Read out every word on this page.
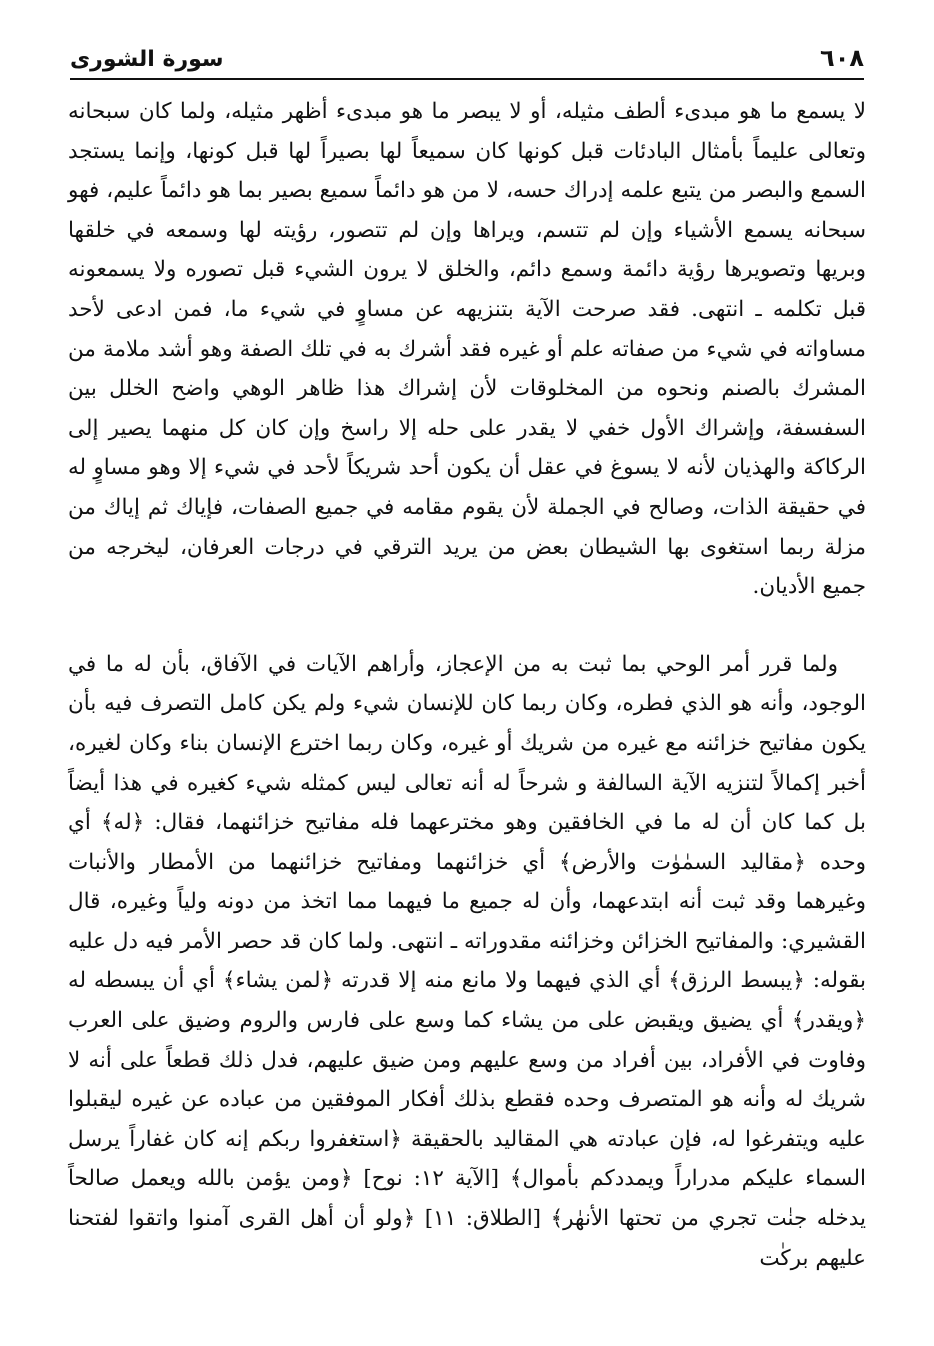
٦٠٨
سورة الشورى

لا يسمع ما هو مبدىء ألطف مثيله، أو لا يبصر ما هو مبدىء أظهر مثيله، ولما كان سبحانه وتعالى عليماً بأمثال البادئات قبل كونها كان سميعاً لها بصيراً لها قبل كونها، وإنما يستجد السمع والبصر من يتبع علمه إدراك حسه، لا من هو دائماً سميع بصير بما هو دائماً عليم، فهو سبحانه يسمع الأشياء وإن لم تتسم، ويراها وإن لم تتصور، رؤيته لها وسمعه في خلقها وبريها وتصويرها رؤية دائمة وسمع دائم، والخلق لا يرون الشيء قبل تصوره ولا يسمعونه قبل تكلمه ـ انتهى. فقد صرحت الآية بتنزيهه عن مساوٍ في شيء ما، فمن ادعى لأحد مساواته في شيء من صفاته علم أو غيره فقد أشرك به في تلك الصفة وهو أشد ملامة من المشرك بالصنم ونحوه من المخلوقات لأن إشراك هذا ظاهر الوهي واضح الخلل بين السفسفة، وإشراك الأول خفي لا يقدر على حله إلا راسخ وإن كان كل منهما يصير إلى الركاكة والهذيان لأنه لا يسوغ في عقل أن يكون أحد شريكاً لأحد في شيء إلا وهو مساوٍ له في حقيقة الذات، وصالح في الجملة لأن يقوم مقامه في جميع الصفات، فإياك ثم إياك من مزلة ربما استغوى بها الشيطان بعض من يريد الترقي في درجات العرفان، ليخرجه من جميع الأديان.

ولما قرر أمر الوحي بما ثبت به من الإعجاز، وأراهم الآيات في الآفاق، بأن له ما في الوجود، وأنه هو الذي فطره، وكان ربما كان للإنسان شيء ولم يكن كامل التصرف فيه بأن يكون مفاتيح خزائنه مع غيره من شريك أو غيره، وكان ربما اخترع الإنسان بناء وكان لغيره، أخبر إكمالاً لتنزيه الآية السالفة و شرحاً له أنه تعالى ليس كمثله شيء كغيره في هذا أيضاً بل كما كان أن له ما في الخافقين وهو مخترعهما فله مفاتيح خزائنهما، فقال: ﴿له﴾ أي وحده ﴿مقاليد السمٰوٰت والأرض﴾ أي خزائنهما ومفاتيح خزائنهما من الأمطار والأنبات وغيرهما وقد ثبت أنه ابتدعهما، وأن له جميع ما فيهما مما اتخذ من دونه ولياً وغيره، قال القشيري: والمفاتيح الخزائن وخزائنه مقدوراته ـ انتهى. ولما كان قد حصر الأمر فيه دل عليه بقوله: ﴿يبسط الرزق﴾ أي الذي فيهما ولا مانع منه إلا قدرته ﴿لمن يشاء﴾ أي أن يبسطه له ﴿ويقدر﴾ أي يضيق ويقبض على من يشاء كما وسع على فارس والروم وضيق على العرب وفاوت في الأفراد، بين أفراد من وسع عليهم ومن ضيق عليهم، فدل ذلك قطعاً على أنه لا شريك له وأنه هو المتصرف وحده فقطع بذلك أفكار الموفقين من عباده عن غيره ليقبلوا عليه ويتفرغوا له، فإن عبادته هي المقاليد بالحقيقة ﴿استغفروا ربكم إنه كان غفاراً يرسل السماء عليكم مدراراً ويمددكم بأموال﴾ [الآية ١٢: نوح] ﴿ومن يؤمن بالله ويعمل صالحاً يدخله جنٰت تجري من تحتها الأنهٰر﴾ [الطلاق: ١١] ﴿ولو أن أهل القرى آمنوا واتقوا لفتحنا عليهم بركٰت
